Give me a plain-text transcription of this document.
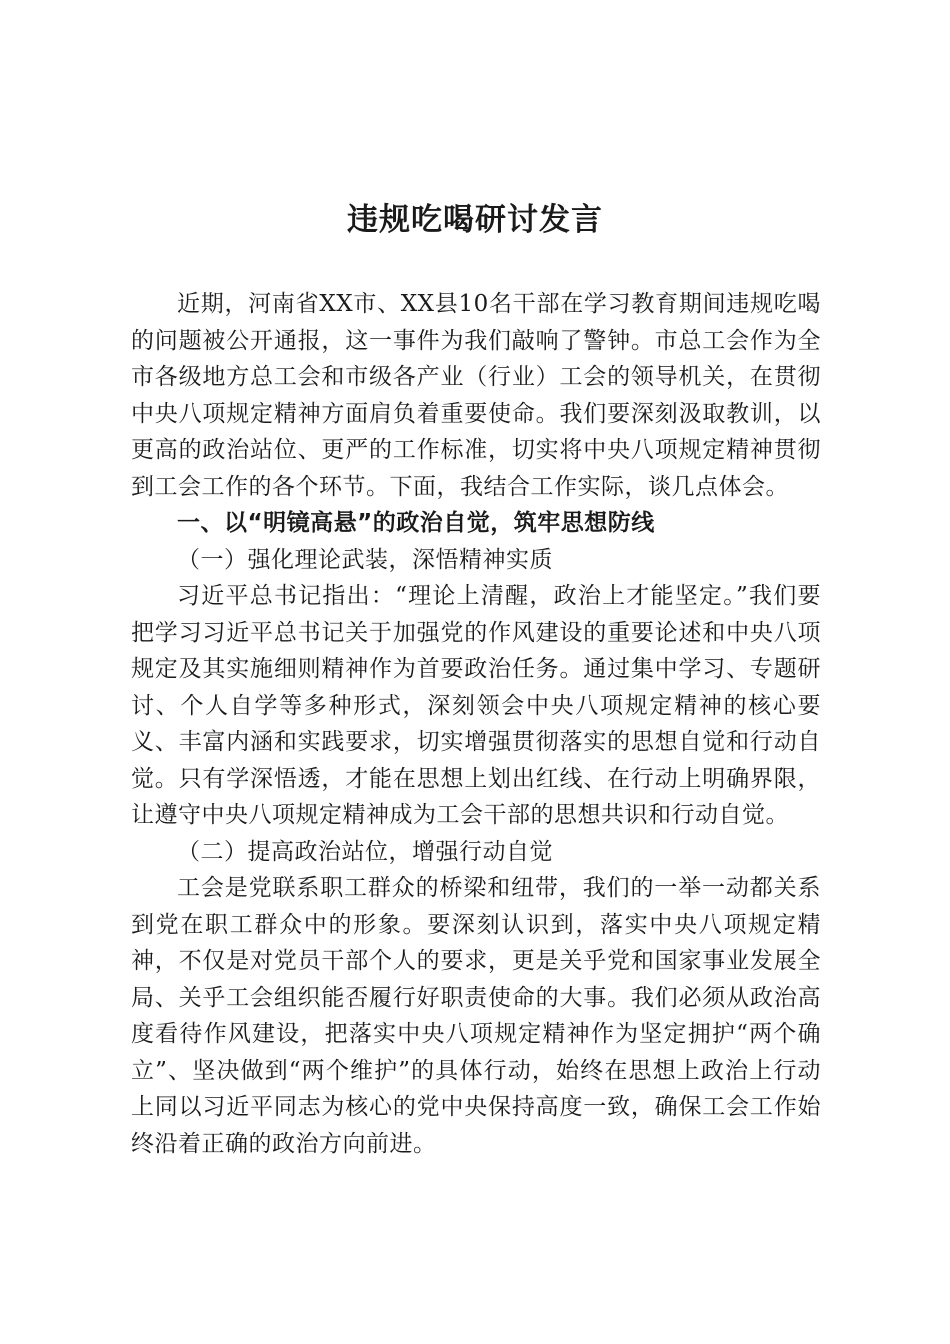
违规吃喝研讨发言

近期，河南省XX市、XX县10名干部在学习教育期间违规吃喝的问题被公开通报，这一事件为我们敲响了警钟。市总工会作为全市各级地方总工会和市级各产业（行业）工会的领导机关，在贯彻中央八项规定精神方面肩负着重要使命。我们要深刻汲取教训，以更高的政治站位、更严的工作标准，切实将中央八项规定精神贯彻到工会工作的各个环节。下面，我结合工作实际，谈几点体会。

一、以“明镜高悬”的政治自觉，筑牢思想防线

（一）强化理论武装，深悟精神实质

习近平总书记指出：“理论上清醒，政治上才能坚定。”我们要把学习习近平总书记关于加强党的作风建设的重要论述和中央八项规定及其实施细则精神作为首要政治任务。通过集中学习、专题研讨、个人自学等多种形式，深刻领会中央八项规定精神的核心要义、丰富内涵和实践要求，切实增强贯彻落实的思想自觉和行动自觉。只有学深悟透，才能在思想上划出红线、在行动上明确界限，让遵守中央八项规定精神成为工会干部的思想共识和行动自觉。

（二）提高政治站位，增强行动自觉

工会是党联系职工群众的桥梁和纽带，我们的一举一动都关系到党在职工群众中的形象。要深刻认识到，落实中央八项规定精神，不仅是对党员干部个人的要求，更是关乎党和国家事业发展全局、关乎工会组织能否履行好职责使命的大事。我们必须从政治高度看待作风建设，把落实中央八项规定精神作为坚定拥护“两个确立”、坚决做到“两个维护”的具体行动，始终在思想上政治上行动上同以习近平同志为核心的党中央保持高度一致，确保工会工作始终沿着正确的政治方向前进。
